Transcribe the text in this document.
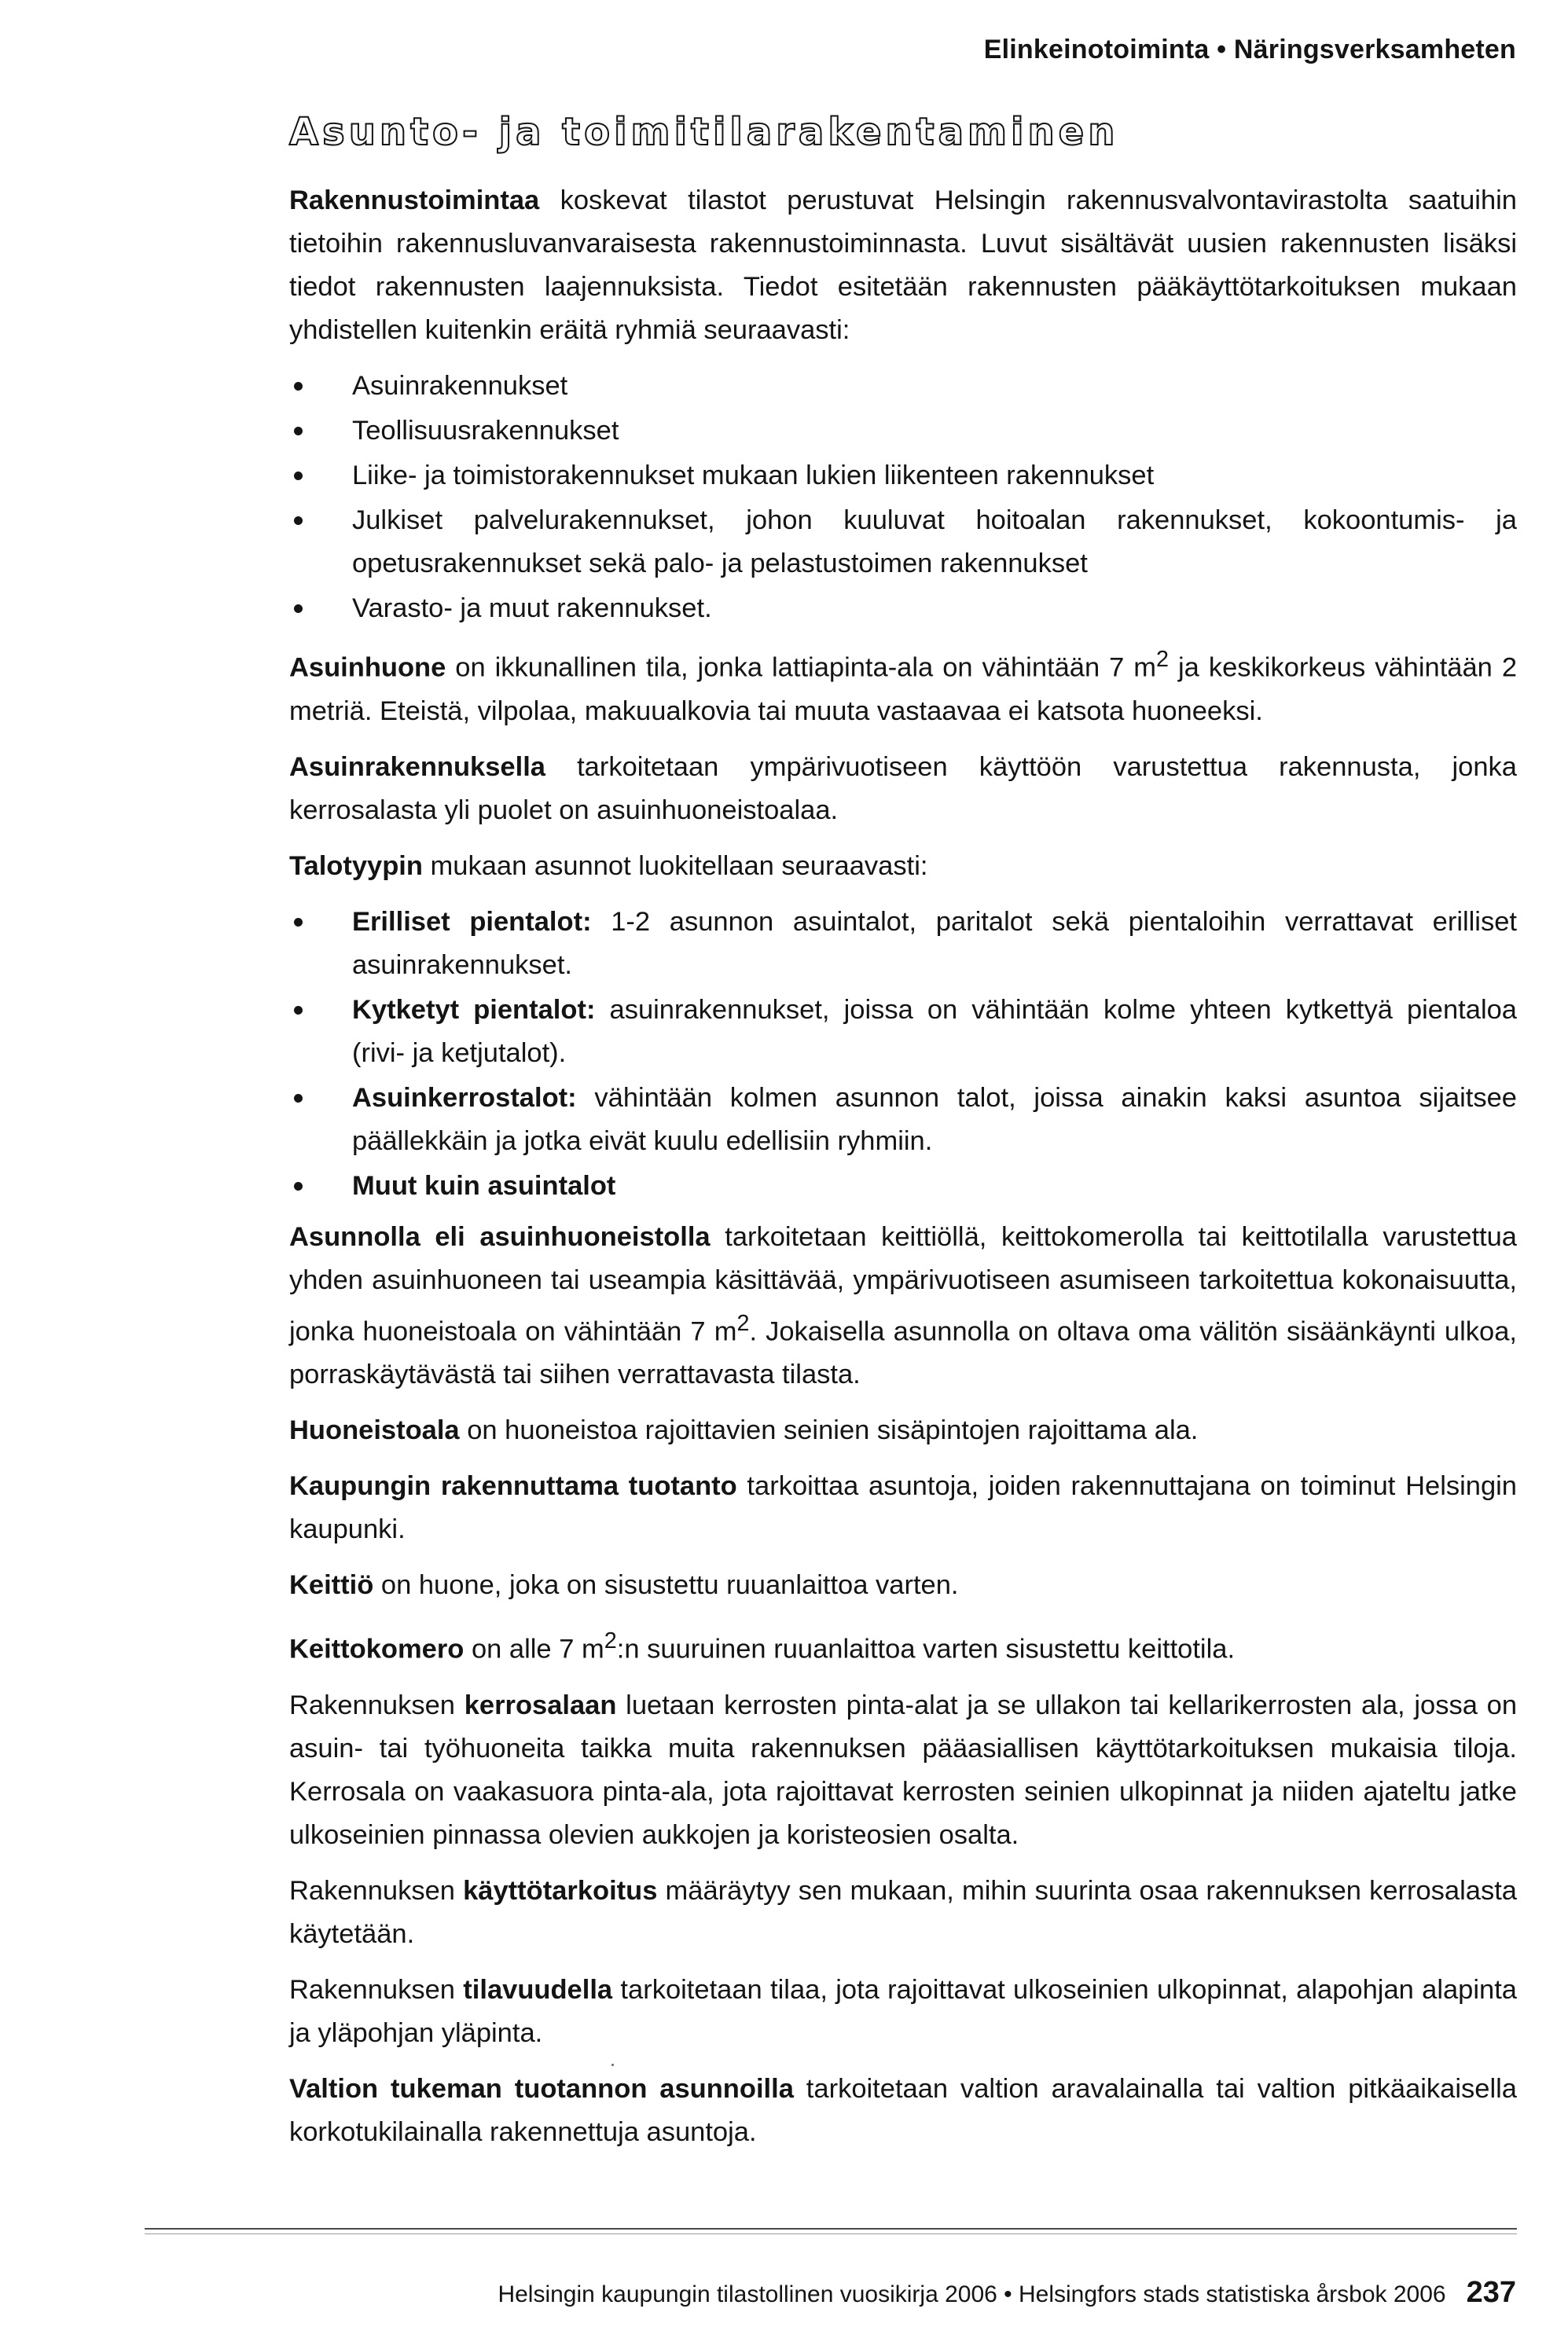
Elinkeinotoiminta • Näringsverksamheten
Asunto- ja toimitilarakentaminen

Rakennustoimintaa koskevat tilastot perustuvat Helsingin rakennusvalvontavirastolta saatuihin tietoihin rakennusluvanvaraisesta rakennustoiminnasta. Luvut sisältävät uusien rakennusten lisäksi tiedot rakennusten laajennuksista. Tiedot esitetään rakennusten pääkäyttötarkoituksen mukaan yhdistellen kuitenkin eräitä ryhmiä seuraavasti:

Asuinrakennukset
Teollisuusrakennukset
Liike- ja toimistorakennukset mukaan lukien liikenteen rakennukset
Julkiset palvelurakennukset, johon kuuluvat hoitoalan rakennukset, kokoontumis- ja opetusrakennukset sekä palo- ja pelastustoimen rakennukset
Varasto- ja muut rakennukset.

Asuinhuone on ikkunallinen tila, jonka lattiapinta-ala on vähintään 7 $m^2$ ja keskikorkeus vähintään 2 metriä. Eteistä, vilpolaa, makuualkovia tai muuta vastaavaa ei katsota huoneeksi.

Asuinrakennuksella tarkoitetaan ympärivuotiseen käyttöön varustettua rakennusta, jonka kerrosalasta yli puolet on asuinhuoneistoalaa.

Talotyypin mukaan asunnot luokitellaan seuraavasti:

Erilliset pientalot: 1-2 asunnon asuintalot, paritalot sekä pientaloihin verrattavat erilliset asuinrakennukset.
Kytketyt pientalot: asuinrakennukset, joissa on vähintään kolme yhteen kytkettyä pientaloa (rivi- ja ketjutalot).
Asuinkerrostalot: vähintään kolmen asunnon talot, joissa ainakin kaksi asuntoa sijaitsee päällekkäin ja jotka eivät kuulu edellisiin ryhmiin.
Muut kuin asuintalot

Asunnolla eli asuinhuoneistolla tarkoitetaan keittiöllä, keittokomerolla tai keittotilalla varustettua yhden asuinhuoneen tai useampia käsittävää, ympärivuotiseen asumiseen tarkoitettua kokonaisuutta, jonka huoneistoala on vähintään 7 $m^2$. Jokaisella asunnolla on oltava oma välitön sisäänkäynti ulkoa, porraskäytävästä tai siihen verrattavasta tilasta.

Huoneistoala on huoneistoa rajoittavien seinien sisäpintojen rajoittama ala.

Kaupungin rakennuttama tuotanto tarkoittaa asuntoja, joiden rakennuttajana on toiminut Helsingin kaupunki.

Keittiö on huone, joka on sisustettu ruuanlaittoa varten.

Keittokomero on alle 7 $m^2:n$ suuruinen ruuanlaittoa varten sisustettu keittotila.

Rakennuksen kerrosalaan luetaan kerrosten pinta-alat ja se ullakon tai kellarikerrosten ala, jossa on asuin- tai työhuoneita taikka muita rakennuksen pääasiallisen käyttötarkoituksen mukaisia tiloja. Kerrosala on vaakasuora pinta-ala, jota rajoittavat kerrosten seinien ulkopinnat ja niiden ajateltu jatke ulkoseinien pinnassa olevien aukkojen ja koristeosien osalta.

Rakennuksen käyttötarkoitus määräytyy sen mukaan, mihin suurinta osaa rakennuksen kerrosalasta käytetään.

Rakennuksen tilavuudella tarkoitetaan tilaa, jota rajoittavat ulkoseinien ulkopinnat, alapohjan alapinta ja yläpohjan yläpinta.

Valtion tukeman tuotannon asunnoilla tarkoitetaan valtion aravalainalla tai valtion pitkäaikaisella korkotukilainalla rakennettuja asuntoja.

Helsingin kaupungin tilastollinen vuosikirja 2006 • Helsingfors stads statistiska årsbok 2006 237
